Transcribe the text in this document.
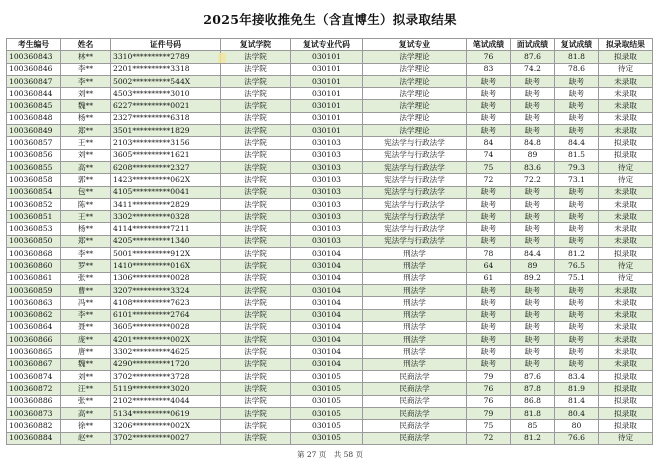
2025年接收推免生（含直博生）拟录取结果
考生编号	姓名	证件号码	复试学院	复试专业代码	复试专业	笔试成绩	面试成绩	复试成绩	拟录取结果
100360843	林**	3310**********2789	法学院	030101	法学理论	76	87.6	81.8	拟录取
100360846	李**	2201**********3318	法学院	030101	法学理论	83	74.2	78.6	待定
100360847	李**	5002**********544X	法学院	030101	法学理论	缺考	缺考	缺考	未录取
100360844	刘**	4503**********3010	法学院	030101	法学理论	缺考	缺考	缺考	未录取
100360845	魏**	6227**********0021	法学院	030101	法学理论	缺考	缺考	缺考	未录取
100360848	杨**	2327**********6318	法学院	030101	法学理论	缺考	缺考	缺考	未录取
100360849	郑**	3501**********1829	法学院	030101	法学理论	缺考	缺考	缺考	未录取
100360857	王**	2103**********3156	法学院	030103	宪法学与行政法学	84	84.8	84.4	拟录取
100360856	刘**	3605**********1621	法学院	030103	宪法学与行政法学	74	89	81.5	拟录取
100360855	高**	6208**********2327	法学院	030103	宪法学与行政法学	75	83.6	79.3	待定
100360858	郭**	1423**********062X	法学院	030103	宪法学与行政法学	72	72.2	73.1	待定
100360854	包**	4105**********0041	法学院	030103	宪法学与行政法学	缺考	缺考	缺考	未录取
100360852	陈**	3411**********2829	法学院	030103	宪法学与行政法学	缺考	缺考	缺考	未录取
100360851	王**	3302**********0328	法学院	030103	宪法学与行政法学	缺考	缺考	缺考	未录取
100360853	杨**	4114**********7211	法学院	030103	宪法学与行政法学	缺考	缺考	缺考	未录取
100360850	郑**	4205**********1340	法学院	030103	宪法学与行政法学	缺考	缺考	缺考	未录取
100360868	李**	5001**********912X	法学院	030104	刑法学	78	84.4	81.2	拟录取
100360860	罗**	1410**********016X	法学院	030104	刑法学	64	89	76.5	待定
100360861	张**	1306**********0028	法学院	030104	刑法学	61	89.2	75.1	待定
100360859	曹**	3207**********3324	法学院	030104	刑法学	缺考	缺考	缺考	未录取
100360863	冯**	4108**********7623	法学院	030104	刑法学	缺考	缺考	缺考	未录取
100360862	李**	6101**********2764	法学院	030104	刑法学	缺考	缺考	缺考	未录取
100360864	聂**	3605**********0028	法学院	030104	刑法学	缺考	缺考	缺考	未录取
100360866	庞**	4201**********002X	法学院	030104	刑法学	缺考	缺考	缺考	未录取
100360865	唐**	3302**********4625	法学院	030104	刑法学	缺考	缺考	缺考	未录取
100360867	魏**	4290**********1720	法学院	030104	刑法学	缺考	缺考	缺考	未录取
100360874	刘**	3702**********3728	法学院	030105	民商法学	79	87.6	83.4	拟录取
100360872	汪**	5119**********3020	法学院	030105	民商法学	76	87.8	81.9	拟录取
100360886	张**	2102**********4044	法学院	030105	民商法学	76	86.8	81.4	拟录取
100360873	高**	5134**********0619	法学院	030105	民商法学	79	81.8	80.4	拟录取
100360882	徐**	3206**********002X	法学院	030105	民商法学	75	85	80	拟录取
100360884	赵**	3702**********0027	法学院	030105	民商法学	72	81.2	76.6	待定
第 27 页　共 58 页
